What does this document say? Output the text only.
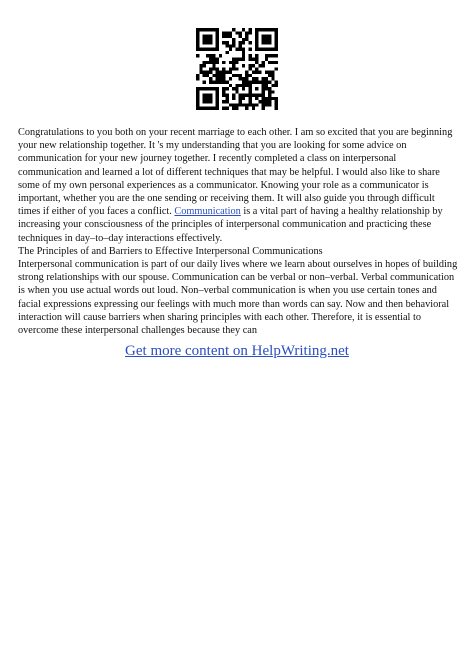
Congratulations to you both on your recent marriage to each other. I am so excited that you are beginning your new relationship together. It 's my understanding that you are looking for some advice on communication for your new journey together. I recently completed a class on interpersonal communication and learned a lot of different techniques that may be helpful. I would also like to share some of my own personal experiences as a communicator. Knowing your role as a communicator is important, whether you are the one sending or receiving them. It will also guide you through difficult times if either of you faces a conflict. Communication is a vital part of having a healthy relationship by increasing your consciousness of the principles of interpersonal communication and practicing these techniques in day–to–day interactions effectively.

The Principles of and Barriers to Effective Interpersonal Communications

Interpersonal communication is part of our daily lives where we learn about ourselves in hopes of building strong relationships with our spouse. Communication can be verbal or non–verbal. Verbal communication is when you use actual words out loud. Non–verbal communication is when you use certain tones and facial expressions expressing our feelings with much more than words can say. Now and then behavioral interaction will cause barriers when sharing principles with each other. Therefore, it is essential to overcome these interpersonal challenges because they can

Get more content on HelpWriting.net
